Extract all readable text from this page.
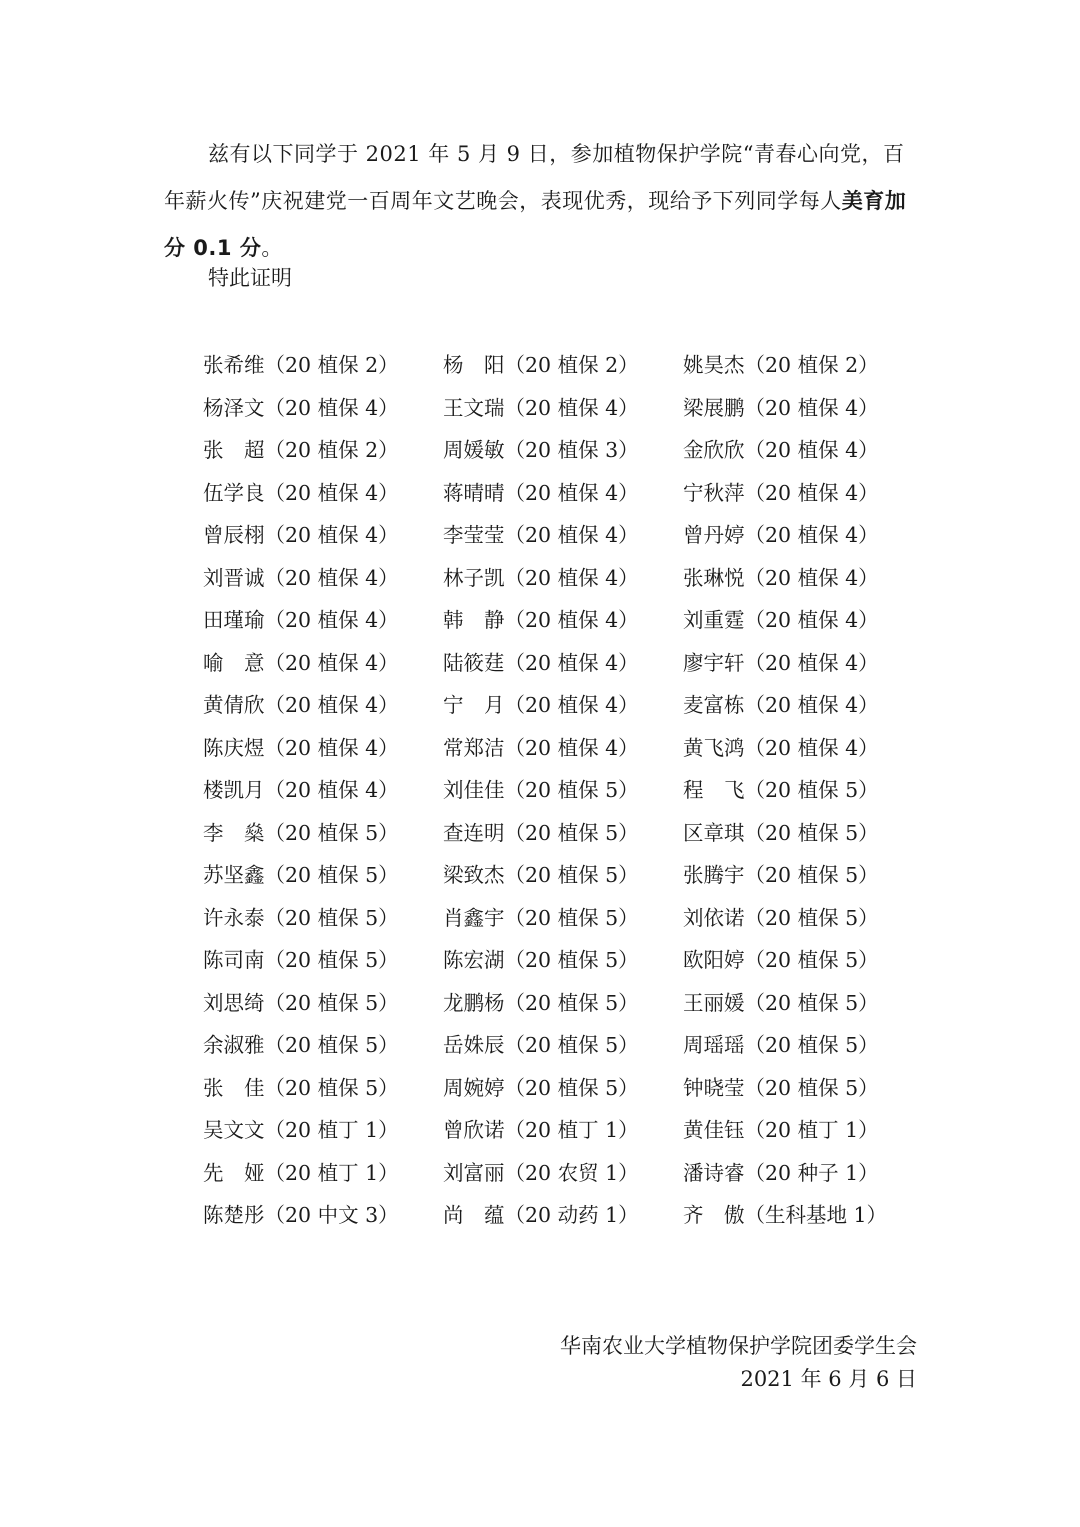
兹有以下同学于 2021 年 5 月 9 日，参加植物保护学院“青春心向党，百年薪火传”庆祝建党一百周年文艺晚会，表现优秀，现给予下列同学每人美育加分 0.1 分。

特此证明
张希维（20 植保 2）	杨　阳（20 植保 2）	姚昊杰（20 植保 2）
杨泽文（20 植保 4）	王文瑞（20 植保 4）	梁展鹏（20 植保 4）
张　超（20 植保 2）	周媛敏（20 植保 3）	金欣欣（20 植保 4）
伍学良（20 植保 4）	蒋晴晴（20 植保 4）	宁秋萍（20 植保 4）
曾辰栩（20 植保 4）	李莹莹（20 植保 4）	曾丹婷（20 植保 4）
刘晋诚（20 植保 4）	林子凯（20 植保 4）	张琳悦（20 植保 4）
田瑾瑜（20 植保 4）	韩　静（20 植保 4）	刘重霆（20 植保 4）
喻　意（20 植保 4）	陆筱莛（20 植保 4）	廖宇轩（20 植保 4）
黄倩欣（20 植保 4）	宁　月（20 植保 4）	麦富栋（20 植保 4）
陈庆煜（20 植保 4）	常郑洁（20 植保 4）	黄飞鸿（20 植保 4）
楼凯月（20 植保 4）	刘佳佳（20 植保 5）	程　飞（20 植保 5）
李　燊（20 植保 5）	查连明（20 植保 5）	区章琪（20 植保 5）
苏坚鑫（20 植保 5）	梁致杰（20 植保 5）	张腾宇（20 植保 5）
许永泰（20 植保 5）	肖鑫宇（20 植保 5）	刘依诺（20 植保 5）
陈司南（20 植保 5）	陈宏湖（20 植保 5）	欧阳婷（20 植保 5）
刘思绮（20 植保 5）	龙鹏杨（20 植保 5）	王丽媛（20 植保 5）
余淑雅（20 植保 5）	岳姝辰（20 植保 5）	周瑶瑶（20 植保 5）
张　佳（20 植保 5）	周婉婷（20 植保 5）	钟晓莹（20 植保 5）
吴文文（20 植丁 1）	曾欣诺（20 植丁 1）	黄佳钰（20 植丁 1）
先　娅（20 植丁 1）	刘富丽（20 农贸 1）	潘诗睿（20 种子 1）
陈楚彤（20 中文 3）	尚　蕴（20 动药 1）	齐　傲（生科基地 1）
华南农业大学植物保护学院团委学生会
2021 年 6 月 6 日
